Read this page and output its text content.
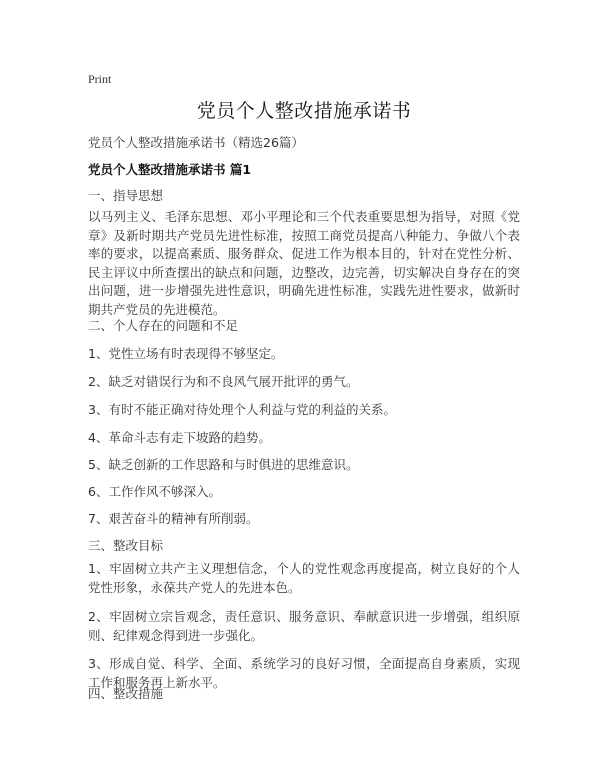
Print
党员个人整改措施承诺书
党员个人整改措施承诺书（精选26篇）
党员个人整改措施承诺书 篇1
一、指导思想
以马列主义、毛泽东思想、邓小平理论和三个代表重要思想为指导，对照《党章》及新时期共产党员先进性标准，按照工商党员提高八种能力、争做八个表率的要求，以提高素质、服务群众、促进工作为根本目的，针对在党性分析、民主评议中所查摆出的缺点和问题，边整改，边完善，切实解决自身存在的突出问题，进一步增强先进性意识，明确先进性标准，实践先进性要求，做新时期共产党员的先进模范。
二、个人存在的问题和不足
1、党性立场有时表现得不够坚定。
2、缺乏对错误行为和不良风气展开批评的勇气。
3、有时不能正确对待处理个人利益与党的利益的关系。
4、革命斗志有走下坡路的趋势。
5、缺乏创新的工作思路和与时俱进的思维意识。
6、工作作风不够深入。
7、艰苦奋斗的精神有所削弱。
三、整改目标
1、牢固树立共产主义理想信念，个人的党性观念再度提高，树立良好的个人党性形象，永葆共产党人的先进本色。
2、牢固树立宗旨观念，责任意识、服务意识、奉献意识进一步增强，组织原则、纪律观念得到进一步强化。
3、形成自觉、科学、全面、系统学习的良好习惯，全面提高自身素质，实现工作和服务再上新水平。
四、整改措施
